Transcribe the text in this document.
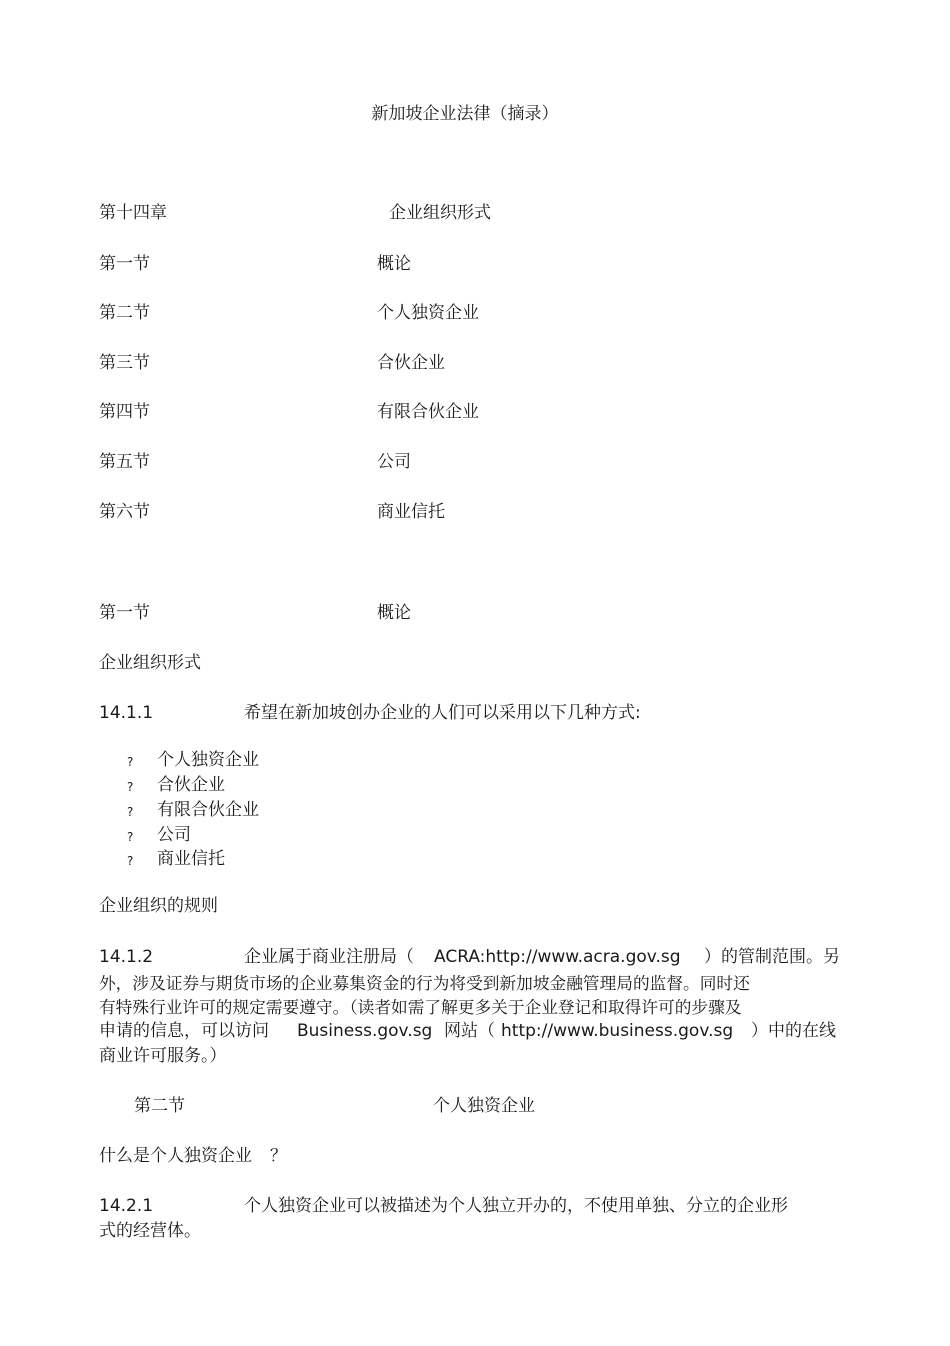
新加坡企业法律（摘录）
第十四章	企业组织形式
第一节	概论
第二节	个人独资企业
第三节	合伙企业
第四节	有限合伙企业
第五节	公司
第六节	商业信托
第一节	概论
企业组织形式
14.1.1	希望在新加坡创办企业的人们可以采用以下几种方式:
? 个人独资企业
? 合伙企业
? 有限合伙企业
? 公司
? 商业信托
企业组织的规则
14.1.2	企业属于商业注册局（ ACRA:http://www.acra.gov.sg ）的管制范围。另
外，涉及证券与期货市场的企业募集资金的行为将受到新加坡金融管理局的监督。同时还
有特殊行业许可的规定需要遵守。（读者如需了解更多关于企业登记和取得许可的步骤及
申请的信息，可以访问 Business.gov.sg 网站（ http://www.business.gov.sg ）中的在线
商业许可服务。）
第二节	个人独资企业
什么是个人独资企业 ？
14.2.1	个人独资企业可以被描述为个人独立开办的，不使用单独、分立的企业形
式的经营体。
